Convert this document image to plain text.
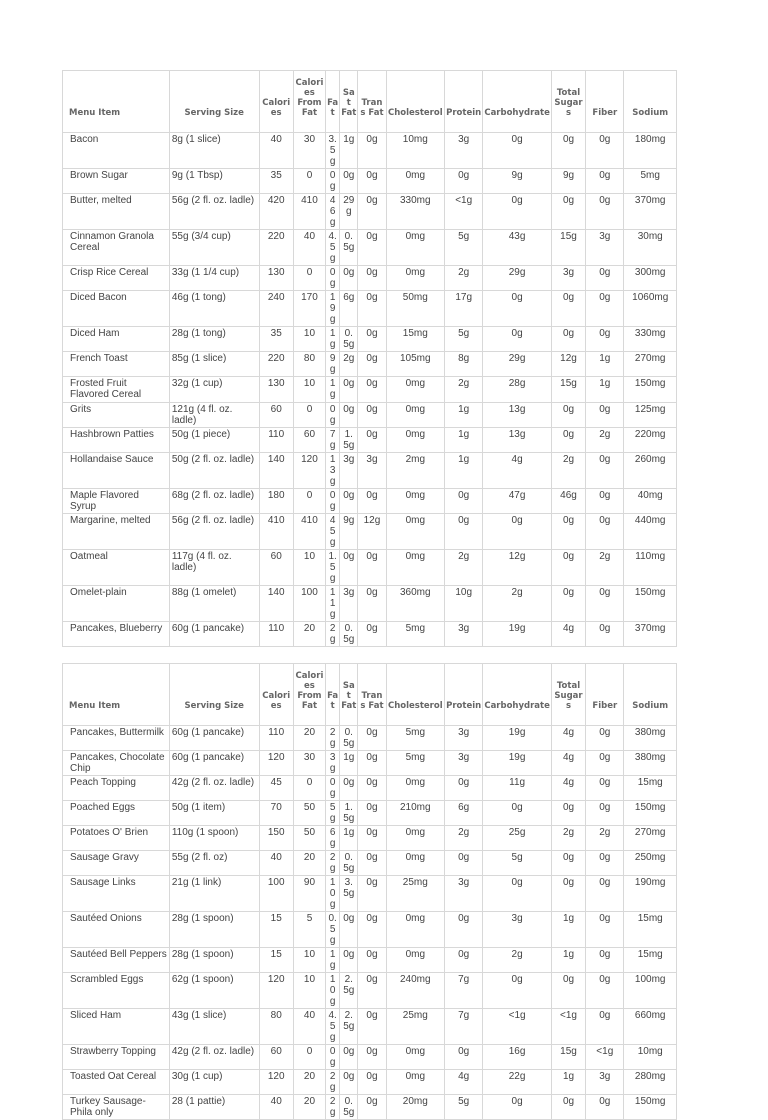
Menu Item	Serving Size	Calories	Calories From Fat	Fat	Sat Fat	Trans Fat	Cholesterol	Protein	Carbohydrate	Total Sugars	Fiber	Sodium
Bacon	8g (1 slice)	40	30	3.5g	1g	0g	10mg	3g	0g	0g	0g	180mg
Brown Sugar	9g (1 Tbsp)	35	0	0g	0g	0g	0mg	0g	9g	9g	0g	5mg
Butter, melted	56g (2 fl. oz. ladle)	420	410	46g	29g	0g	330mg	<1g	0g	0g	0g	370mg
Cinnamon Granola Cereal	55g (3/4 cup)	220	40	4.5g	0.5g	0g	0mg	5g	43g	15g	3g	30mg
Crisp Rice Cereal	33g (1 1/4 cup)	130	0	0g	0g	0g	0mg	2g	29g	3g	0g	300mg
Diced Bacon	46g (1 tong)	240	170	19g	6g	0g	50mg	17g	0g	0g	0g	1060mg
Diced Ham	28g (1 tong)	35	10	1g	0.5g	0g	15mg	5g	0g	0g	0g	330mg
French Toast	85g (1 slice)	220	80	9g	2g	0g	105mg	8g	29g	12g	1g	270mg
Frosted Fruit Flavored Cereal	32g (1 cup)	130	10	1g	0g	0g	0mg	2g	28g	15g	1g	150mg
Grits	121g (4 fl. oz. ladle)	60	0	0g	0g	0g	0mg	1g	13g	0g	0g	125mg
Hashbrown Patties	50g (1 piece)	110	60	7g	1.5g	0g	0mg	1g	13g	0g	2g	220mg
Hollandaise Sauce	50g (2 fl. oz. ladle)	140	120	13g	3g	3g	2mg	1g	4g	2g	0g	260mg
Maple Flavored Syrup	68g (2 fl. oz. ladle)	180	0	0g	0g	0g	0mg	0g	47g	46g	0g	40mg
Margarine, melted	56g (2 fl. oz. ladle)	410	410	45g	9g	12g	0mg	0g	0g	0g	0g	440mg
Oatmeal	117g (4 fl. oz. ladle)	60	10	1.5g	0g	0g	0mg	2g	12g	0g	2g	110mg
Omelet-plain	88g (1 omelet)	140	100	11g	3g	0g	360mg	10g	2g	0g	0g	150mg
Pancakes, Blueberry	60g (1 pancake)	110	20	2g	0.5g	0g	5mg	3g	19g	4g	0g	370mg
Menu Item	Serving Size	Calories	Calories From Fat	Fat	Sat Fat	Trans Fat	Cholesterol	Protein	Carbohydrate	Total Sugars	Fiber	Sodium
Pancakes, Buttermilk	60g (1 pancake)	110	20	2g	0.5g	0g	5mg	3g	19g	4g	0g	380mg
Pancakes, Chocolate Chip	60g (1 pancake)	120	30	3g	1g	0g	5mg	3g	19g	4g	0g	380mg
Peach Topping	42g (2 fl. oz. ladle)	45	0	0g	0g	0g	0mg	0g	11g	4g	0g	15mg
Poached Eggs	50g (1 item)	70	50	5g	1.5g	0g	210mg	6g	0g	0g	0g	150mg
Potatoes O' Brien	110g (1 spoon)	150	50	6g	1g	0g	0mg	2g	25g	2g	2g	270mg
Sausage Gravy	55g (2 fl. oz)	40	20	2g	0.5g	0g	0mg	0g	5g	0g	0g	250mg
Sausage Links	21g (1 link)	100	90	10g	3.5g	0g	25mg	3g	0g	0g	0g	190mg
Sautéed Onions	28g (1 spoon)	15	5	0.5g	0g	0g	0mg	0g	3g	1g	0g	15mg
Sautéed Bell Peppers	28g (1 spoon)	15	10	1g	0g	0g	0mg	0g	2g	1g	0g	15mg
Scrambled Eggs	62g (1 spoon)	120	10	10g	2.5g	0g	240mg	7g	0g	0g	0g	100mg
Sliced Ham	43g (1 slice)	80	40	4.5g	2.5g	0g	25mg	7g	<1g	<1g	0g	660mg
Strawberry Topping	42g (2 fl. oz. ladle)	60	0	0g	0g	0g	0mg	0g	16g	15g	<1g	10mg
Toasted Oat Cereal	30g (1 cup)	120	20	2g	0g	0g	0mg	4g	22g	1g	3g	280mg
Turkey Sausage-Phila only	28 (1 pattie)	40	20	2g	0.5g	0g	20mg	5g	0g	0g	0g	150mg
